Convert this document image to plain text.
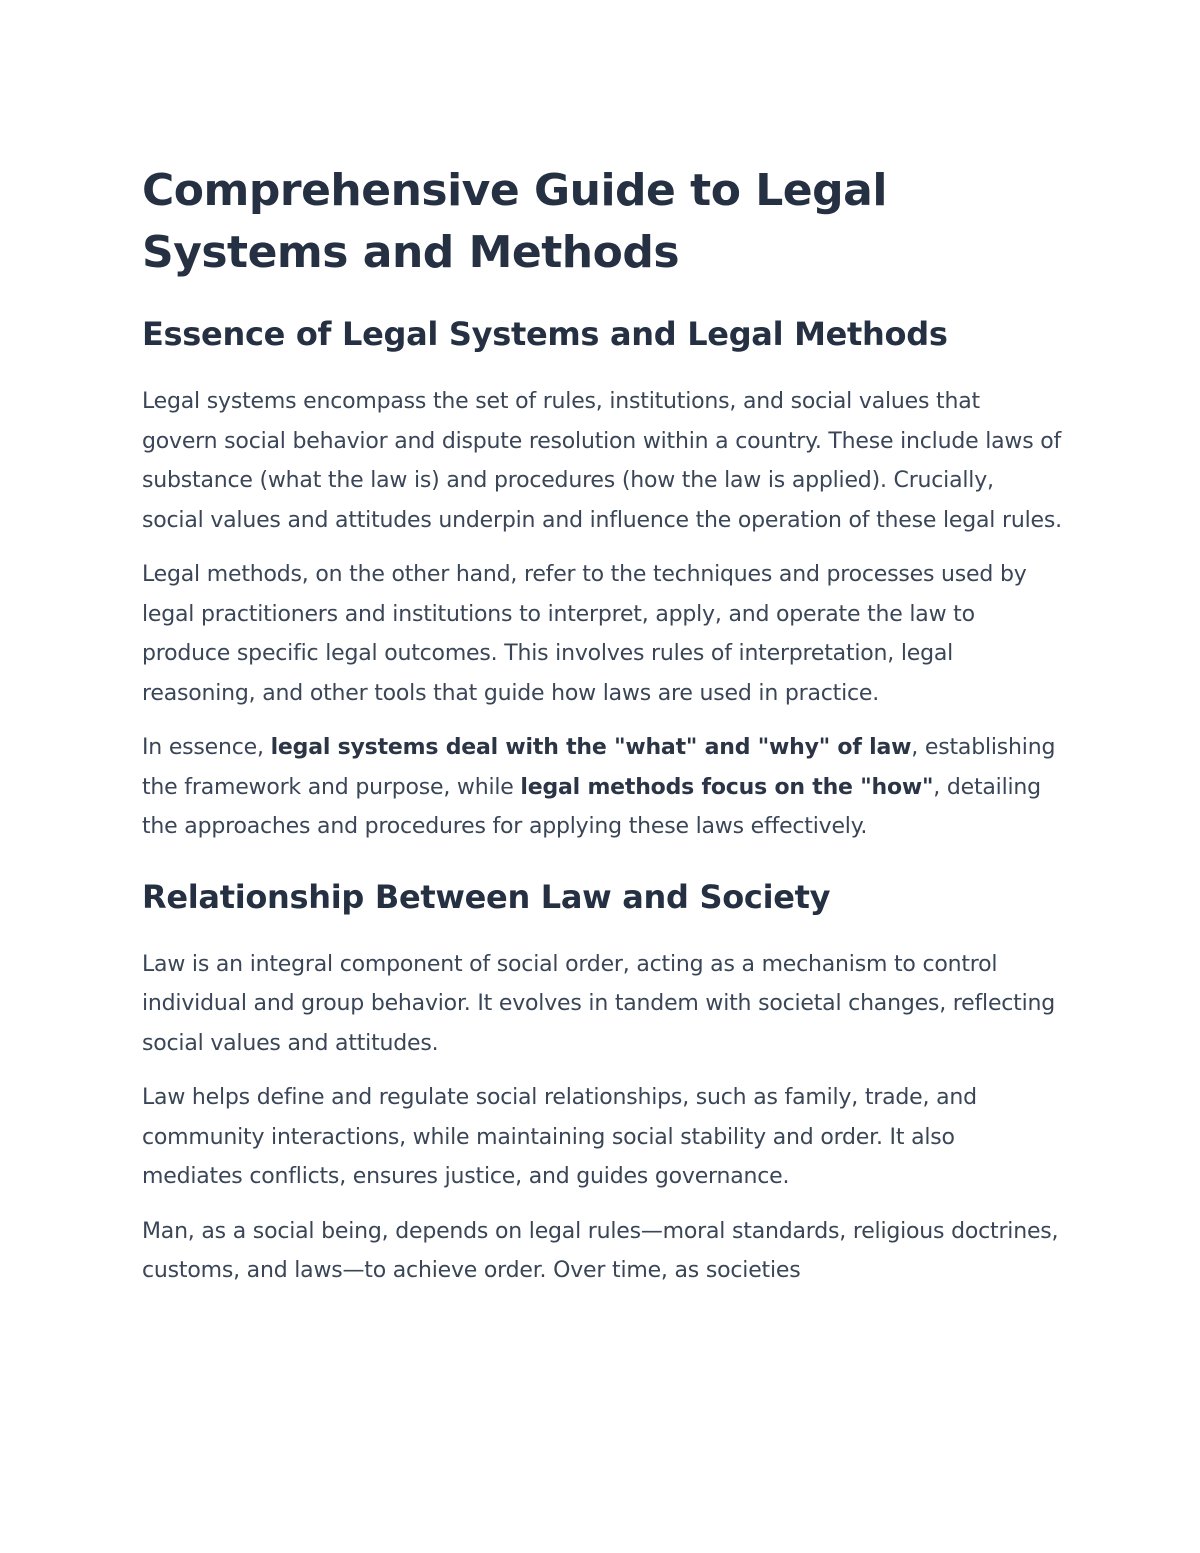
Comprehensive Guide to Legal Systems and Methods
Essence of Legal Systems and Legal Methods

Legal systems encompass the set of rules, institutions, and social values that govern social behavior and dispute resolution within a country. These include laws of substance (what the law is) and procedures (how the law is applied). Crucially, social values and attitudes underpin and influence the operation of these legal rules.

Legal methods, on the other hand, refer to the techniques and processes used by legal practitioners and institutions to interpret, apply, and operate the law to produce specific legal outcomes. This involves rules of interpretation, legal reasoning, and other tools that guide how laws are used in practice.

In essence, legal systems deal with the "what" and "why" of law, establishing the framework and purpose, while legal methods focus on the "how", detailing the approaches and procedures for applying these laws effectively.

Relationship Between Law and Society

Law is an integral component of social order, acting as a mechanism to control individual and group behavior. It evolves in tandem with societal changes, reflecting social values and attitudes.

Law helps define and regulate social relationships, such as family, trade, and community interactions, while maintaining social stability and order. It also mediates conflicts, ensures justice, and guides governance.

Man, as a social being, depends on legal rules—moral standards, religious doctrines, customs, and laws—to achieve order. Over time, as societies
